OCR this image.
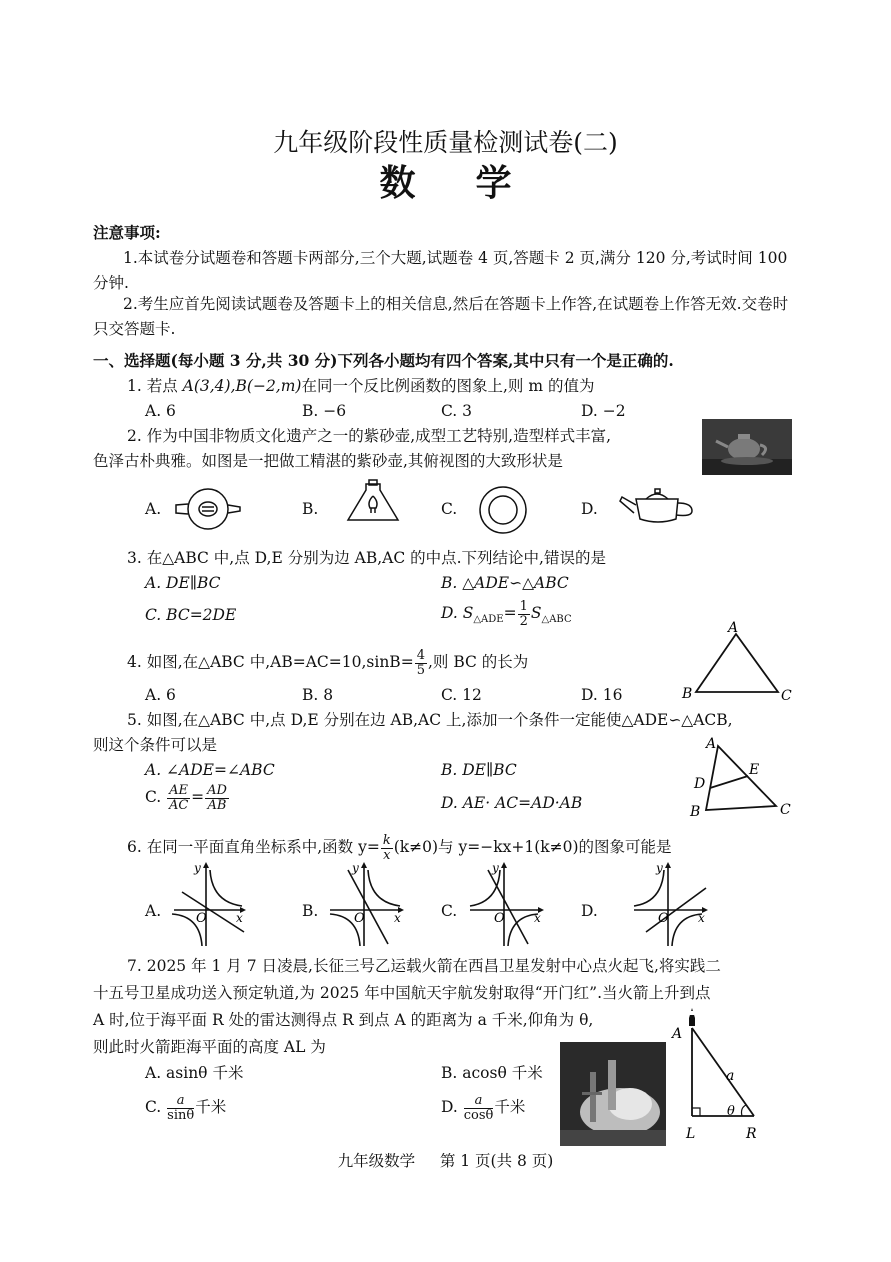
九年级阶段性质量检测试卷(二)
数学
注意事项:
1.本试卷分试题卷和答题卡两部分,三个大题,试题卷 4 页,答题卡 2 页,满分 120 分,考试时间 100 分钟.
2.考生应首先阅读试题卷及答题卡上的相关信息,然后在答题卡上作答,在试题卷上作答无效.交卷时只交答题卡.
一、选择题(每小题 3 分,共 30 分)下列各小题均有四个答案,其中只有一个是正确的.
1. 若点 A(3,4),B(−2,m)在同一个反比例函数的图象上,则 m 的值为
A. 6	B. −6	C. 3	D. −2
2. 作为中国非物质文化遗产之一的紫砂壶,成型工艺特别,造型样式丰富,
色泽古朴典雅。如图是一把做工精湛的紫砂壶,其俯视图的大致形状是
A.	B.	C.	D.
3. 在△ABC 中,点 D,E 分别为边 AB,AC 的中点.下列结论中,错误的是
A. DE∥BC	B. △ADE∽△ABC
C. BC=2DE	D. $S_{\triangle ADE}= \frac{1}{2} S_{\triangle ABC}$
4. 如图,在△ABC 中$,AB=AC=10,\sin B= \frac{4}{5}$ ,则 BC 的长为
A. 6	B. 8	C. 12	D. 16
A
B	C
5. 如图,在△ABC 中,点 D,E 分别在边 AB,AC 上,添加一个条件一定能使△ADE∽△ACB,
则这个条件可以是
A. ∠ADE=∠ABC	B. DE∥BC
C. $\frac{AE}{AC} = \frac{AD}{AB}$	D. AE· AC=AD·AB
A
D
E
B	C
6. 在同一平面直角坐标系中,函数 $y= \frac{k}{x} (k\ne 0)$与 y=−kx+1(k≠0)的图象可能是
A.	B.	C.	D.
x
y
O	x
y
O	x
y
O	x
y
O
7. 2025 年 1 月 7 日凌晨,长征三号乙运载火箭在西昌卫星发射中心点火起飞,将实践二
十五号卫星成功送入预定轨道,为 2025 年中国航天宇航发射取得“开门红”.当火箭上升到点
A 时,位于海平面 R 处的雷达测得点 R 到点 A 的距离为 a 千米,仰角为 θ,
则此时火箭距海平面的高度 AL 为
A. asinθ 千米	B. acosθ 千米
C. $\frac{a}{\sin\theta}$ 千米	D. $\frac{a}{\cos\theta}$ 千米
A
a
θ
L	R
九年级数学 第 1 页(共 8 页)
